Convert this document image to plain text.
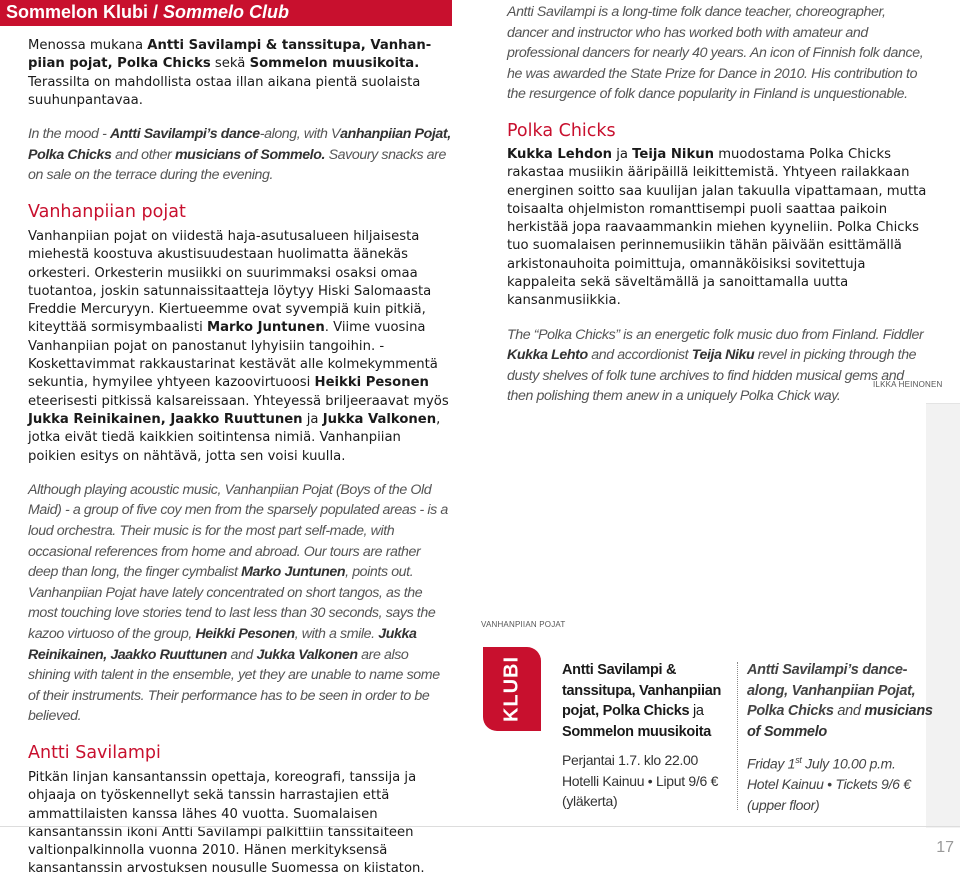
Sommelon Klubi / Sommelo Club

Menossa mukana Antti Savilampi & tanssitupa, Vanhanpiian pojat, Polka Chicks sekä Sommelon muusikoita. Terassilta on mahdollista ostaa illan aikana pientä suolaista suuhunpantavaa.

In the mood - Antti Savilampi’s dance-along, with Vanhanpiian Pojat, Polka Chicks and other musicians of Sommelo. Savoury snacks are on sale on the terrace during the evening.

Vanhanpiian pojat

Vanhanpiian pojat on viidestä haja-asutusalueen hiljaisesta miehestä koostuva akustisuudestaan huolimatta äänekäs orkesteri. Orkesterin musiikki on suurimmaksi osaksi omaa tuotantoa, joskin satunnaissitaatteja löytyy Hiski Salomaasta Freddie Mercuryyn. Kiertueemme ovat syvempiä kuin pitkiä, kiteyttää sormisymbaalisti Marko Juntunen. Viime vuosina Vanhanpiian pojat on panostanut lyhyisiin tangoihin. - Koskettavimmat rakkaustarinat kestävät alle kolmekymmentä sekuntia, hymyilee yhtyeen kazoovirtuoosi Heikki Pesonen eteerisesti pitkissä kalsareissaan. Yhteyessä brilјeeraavat myös Jukka Reinikainen, Jaakko Ruuttunen ja Jukka Valkonen, jotka eivät tiedä kaikkien soitintensa nimiä. Vanhanpiian poikien esitys on nähtävä, jotta sen voisi kuulla.

Although playing acoustic music, Vanhanpiian Pojat (Boys of the Old Maid) - a group of five coy men from the sparsely populated areas - is a loud orchestra. Their music is for the most part self-made, with occasional references from home and abroad. Our tours are rather deep than long, the finger cymbalist Marko Juntunen, points out. Vanhanpiian Pojat have lately concentrated on short tangos, as the most touching love stories tend to last less than 30 seconds, says the kazoo virtuoso of the group, Heikki Pesonen, with a smile. Jukka Reinikainen, Jaakko Ruuttunen and Jukka Valkonen are also shining with talent in the ensemble, yet they are unable to name some of their instruments. Their performance has to be seen in order to be believed.

Antti Savilampi

Pitkän linjan kansantanssin opettaja, koreografi, tanssija ja ohjaaja on työskennellyt sekä tanssin harrastajien että ammattilaisten kanssa lähes 40 vuotta. Suomalaisen kansantanssin ikoni Antti Savilampi palkittiin tanssitaiteen valtionpalkinnolla vuonna 2010. Hänen merkityksensä kansantanssin arvostuksen nousulle Suomessa on kiistaton.

Antti Savilampi is a long-time folk dance teacher, choreographer, dancer and instructor who has worked both with amateur and professional dancers for nearly 40 years. An icon of Finnish folk dance, he was awarded the State Prize for Dance in 2010. His contribution to the resurgence of folk dance popularity in Finland is unquestionable.

Polka Chicks

Kukka Lehdon ja Teija Nikun muodostama Polka Chicks rakastaa musiikin ääripäillä leikittemistä. Yhtyeen railakkaan energinen soitto saa kuulijan jalan takuulla vipattamaan, mutta toisaalta ohjelmiston romanttisempi puoli saattaa paikoin herkistää jopa raavaammankin miehen kyyneliin. Polka Chicks tuo suomalaisen perinnemusiikin tähän päivään esittämällä arkistonauhoita poimittuja, omannäköisiksi sovitettuja kappaleita sekä säveltämällä ja sanoittamalla uutta kansanmusiikkia.

The “Polka Chicks” is an energetic folk music duo from Finland. Fiddler Kukka Lehto and accordionist Teija Niku revel in picking through the dusty shelves of folk tune archives to find hidden musical gems and then polishing them anew in a uniquely Polka Chick way.

ILKKA HEINONEN
VANHANPIIAN POJAT
KLUBI	Antti Savilampi & tanssitupa, Vanhanpiian pojat, Polka Chicks ja Sommelon muusikoita
Perjantai 1.7. klo 22.00
Hotelli Kainuu • Liput 9/6 €
(yläkerta)
Antti Savilampi’s dance-along, Vanhanpiian Pojat, Polka Chicks and musicians of Sommelo
Friday 1st July 10.00 p.m.
Hotel Kainuu • Tickets 9/6 €
(upper floor)
17
